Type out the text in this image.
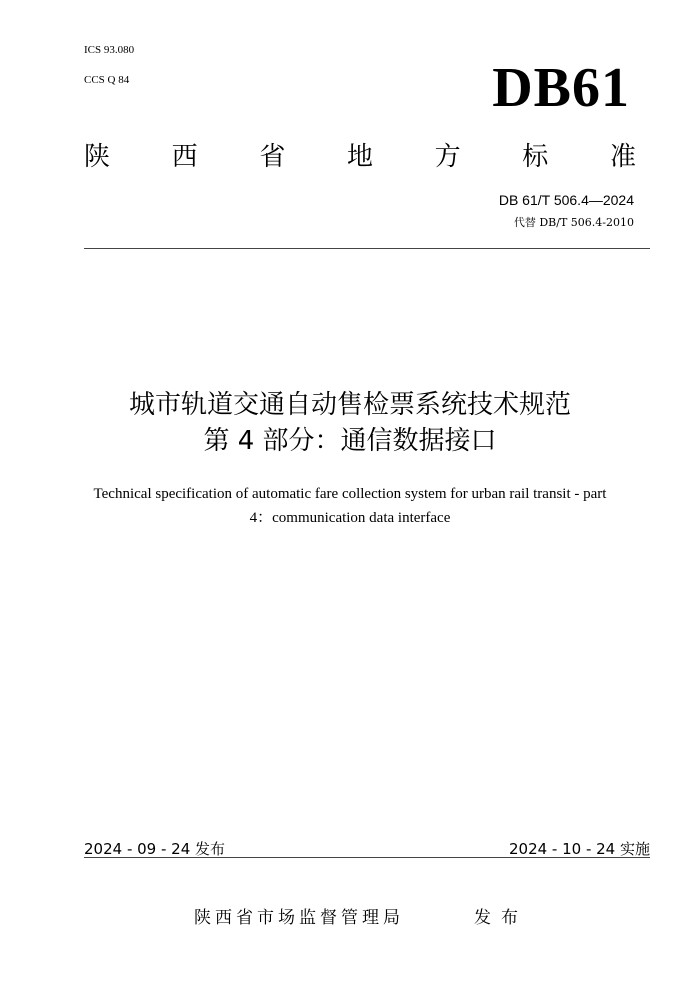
ICS 93.080
CCS Q 84	DB61
陕 西 省 地 方 标 准
DB 61/T 506.4—2024
代替 DB/T 506.4-2010
城市轨道交通自动售检票系统技术规范
第 4 部分：通信数据接口
Technical specification of automatic fare collection system for urban rail transit - part
4：communication data interface
2024 - 09 - 24 发布	2024 - 10 - 24 实施
陕西省市场监督管理局	发布
